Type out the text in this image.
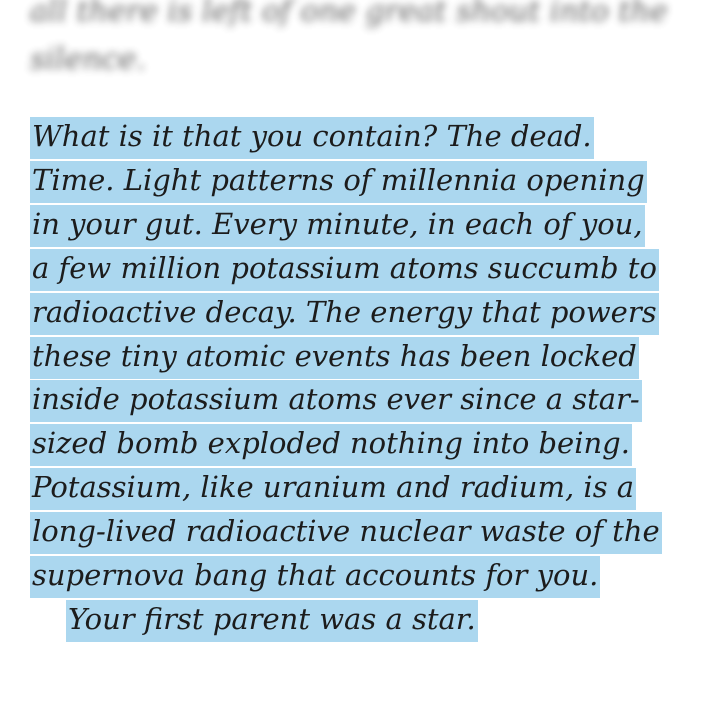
all there is left of one great shout into the
silence.
What is it that you contain? The dead.
Time. Light patterns of millennia opening
in your gut. Every minute, in each of you,
a few million potassium atoms succumb to
radioactive decay. The energy that powers
these tiny atomic events has been locked
inside potassium atoms ever since a star-
sized bomb exploded nothing into being.
Potassium, like uranium and radium, is a
long-lived radioactive nuclear waste of the
supernova bang that accounts for you.
Your first parent was a star.
